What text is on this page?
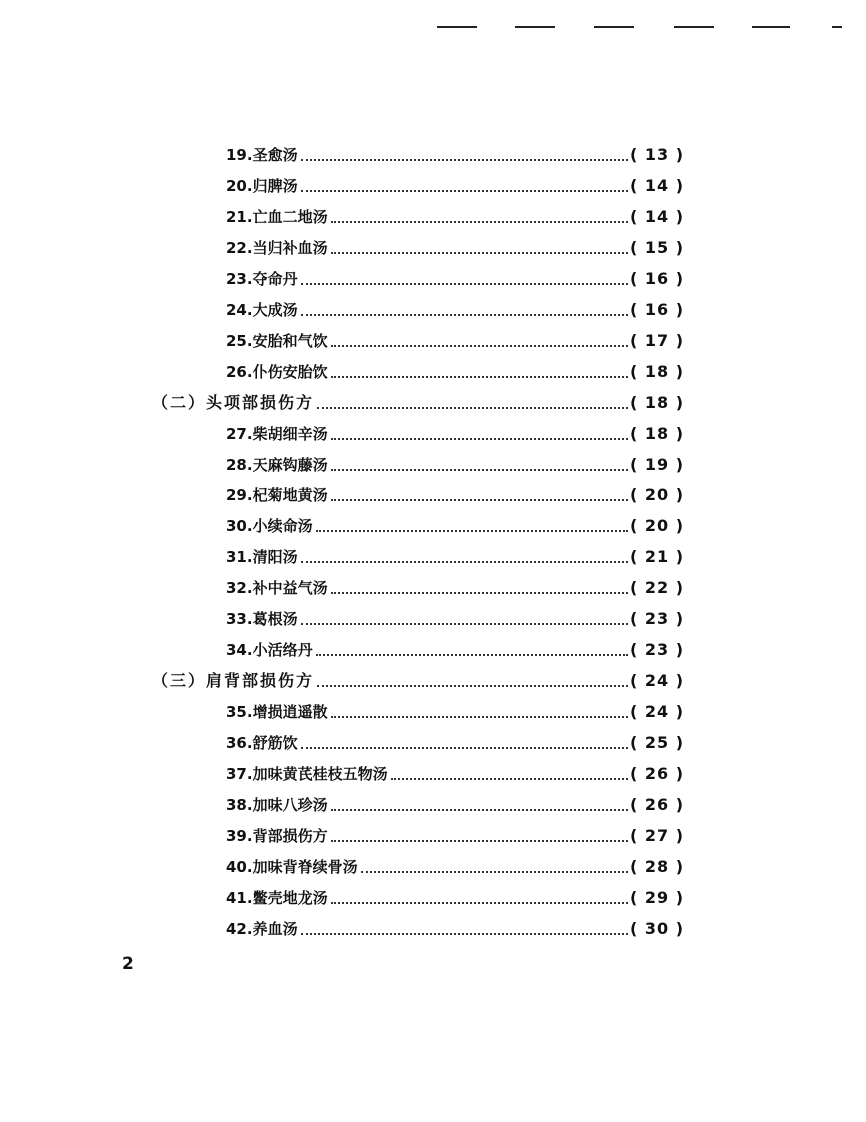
19.圣愈汤	( 13 )
20.归脾汤	( 14 )
21.亡血二地汤	( 14 )
22.当归补血汤	( 15 )
23.夺命丹	( 16 )
24.大成汤	( 16 )
25.安胎和气饮	( 17 )
26.仆伤安胎饮	( 18 )
（二）头项部损伤方	( 18 )
27.柴胡细辛汤	( 18 )
28.天麻钩藤汤	( 19 )
29.杞菊地黄汤	( 20 )
30.小续命汤	( 20 )
31.清阳汤	( 21 )
32.补中益气汤	( 22 )
33.葛根汤	( 23 )
34.小活络丹	( 23 )
（三）肩背部损伤方	( 24 )
35.增损逍遥散	( 24 )
36.舒筋饮	( 25 )
37.加味黄芪桂枝五物汤	( 26 )
38.加味八珍汤	( 26 )
39.背部损伤方	( 27 )
40.加味背脊续骨汤	( 28 )
41.鳖壳地龙汤	( 29 )
42.养血汤	( 30 )
2
